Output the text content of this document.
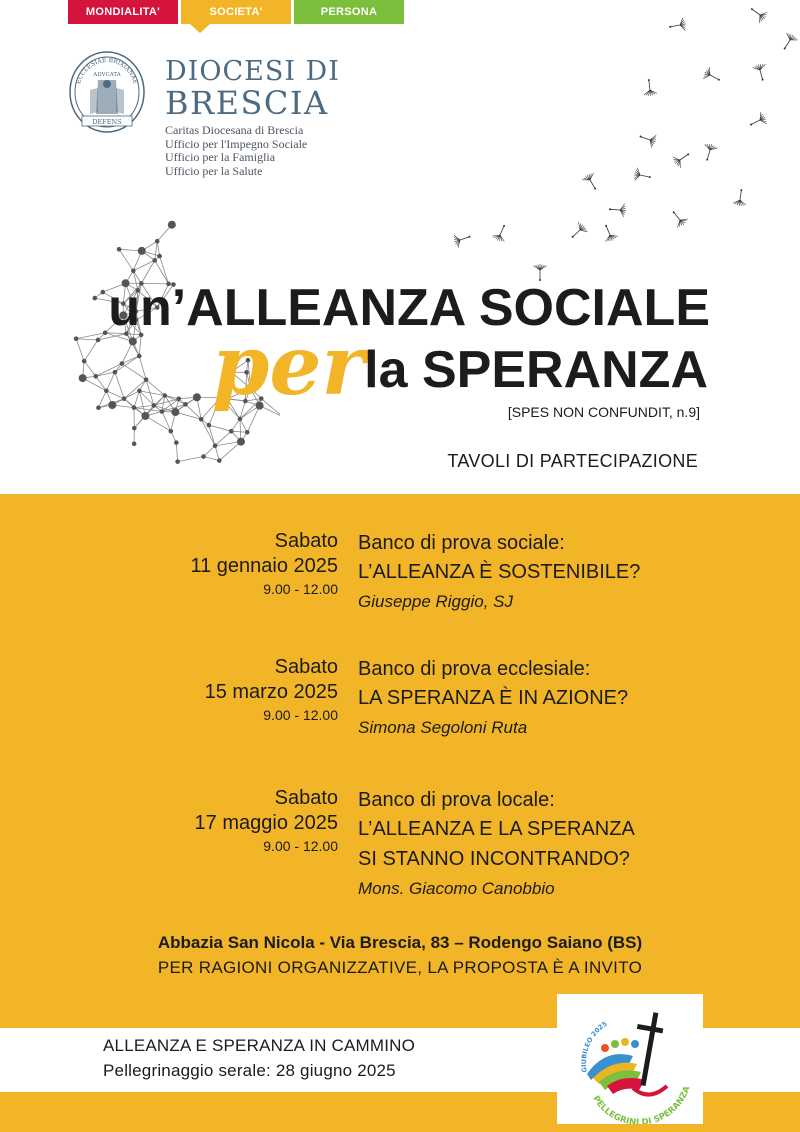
MONDIALITA'	SOCIETA'	PERSONA
ECCLESIAE BRIXIANAE
ADVCATA
DEFENS
DIOCESI DI
BRESCIA
Caritas Diocesana di Brescia
Ufficio per l'Impegno Sociale
Ufficio per la Famiglia
Ufficio per la Salute
un’ALLEANZA SOCIALE
per la SPERANZA
[SPES NON CONFUNDIT, n.9]
TAVOLI DI PARTECIPAZIONE
Sabato
11 gennaio 2025
9.00 - 12.00
Banco di prova sociale:
L’ALLEANZA È SOSTENIBILE?
Giuseppe Riggio, SJ
Sabato
15 marzo 2025
9.00 - 12.00
Banco di prova ecclesiale:
LA SPERANZA È IN AZIONE?
Simona Segoloni Ruta
Sabato
17 maggio 2025
9.00 - 12.00
Banco di prova locale:
L’ALLEANZA E LA SPERANZA
SI STANNO INCONTRANDO?
Mons. Giacomo Canobbio
Abbazia San Nicola - Via Brescia, 83 – Rodengo Saiano (BS)
PER RAGIONI ORGANIZZATIVE, LA PROPOSTA È A INVITO
ALLEANZA E SPERANZA IN CAMMINO
Pellegrinaggio serale: 28 giugno 2025	GIUBILEO 2025
PELLEGRINI DI SPERANZA
